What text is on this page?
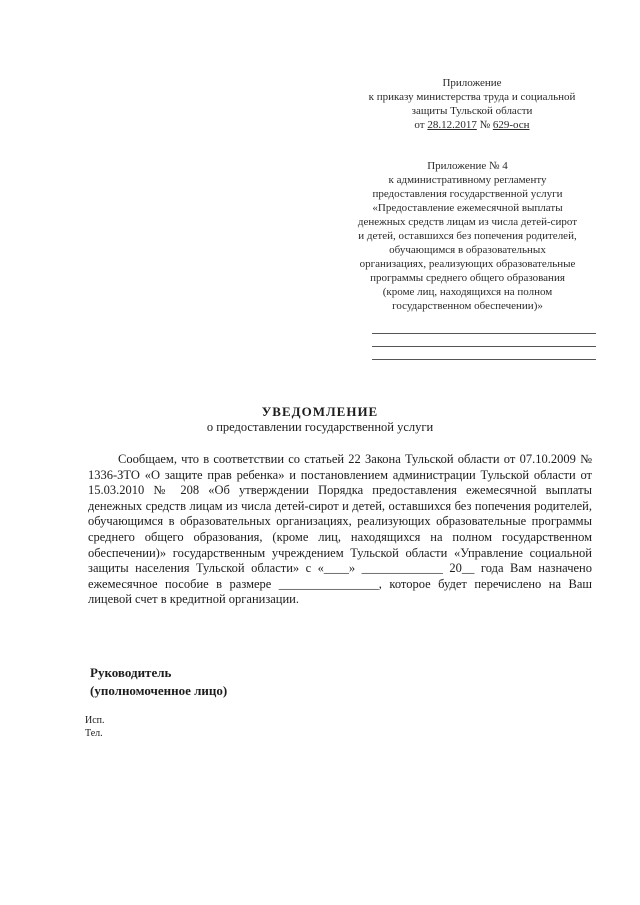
Приложение
к приказу министерства труда и социальной
защиты Тульской области
от 28.12.2017 № 629-осн
Приложение № 4
к административному регламенту
предоставления государственной услуги
«Предоставление ежемесячной выплаты
денежных средств лицам из числа детей-сирот
и детей, оставшихся без попечения родителей,
обучающимся в образовательных
организациях, реализующих образовательные
программы среднего общего образования
(кроме лиц, находящихся на полном
государственном обеспечении)»
УВЕДОМЛЕНИЕ
о предоставлении государственной услуги

Сообщаем, что в соответствии со статьей 22 Закона Тульской области от 07.10.2009 № 1336-ЗТО «О защите прав ребенка» и постановлением администрации Тульской области от 15.03.2010 № 208 «Об утверждении Порядка предоставления ежемесячной выплаты денежных средств лицам из числа детей-сирот и детей, оставшихся без попечения родителей, обучающимся в образовательных организациях, реализующих образовательные программы среднего общего образования, (кроме лиц, находящихся на полном государственном обеспечении)» государственным учреждением Тульской области «Управление социальной защиты населения Тульской области» с «____» _____________ 20__ года Вам назначено ежемесячное пособие в размере ________________, которое будет перечислено на Ваш лицевой счет в кредитной организации.

Руководитель
(уполномоченное лицо)
Исп.
Тел.
